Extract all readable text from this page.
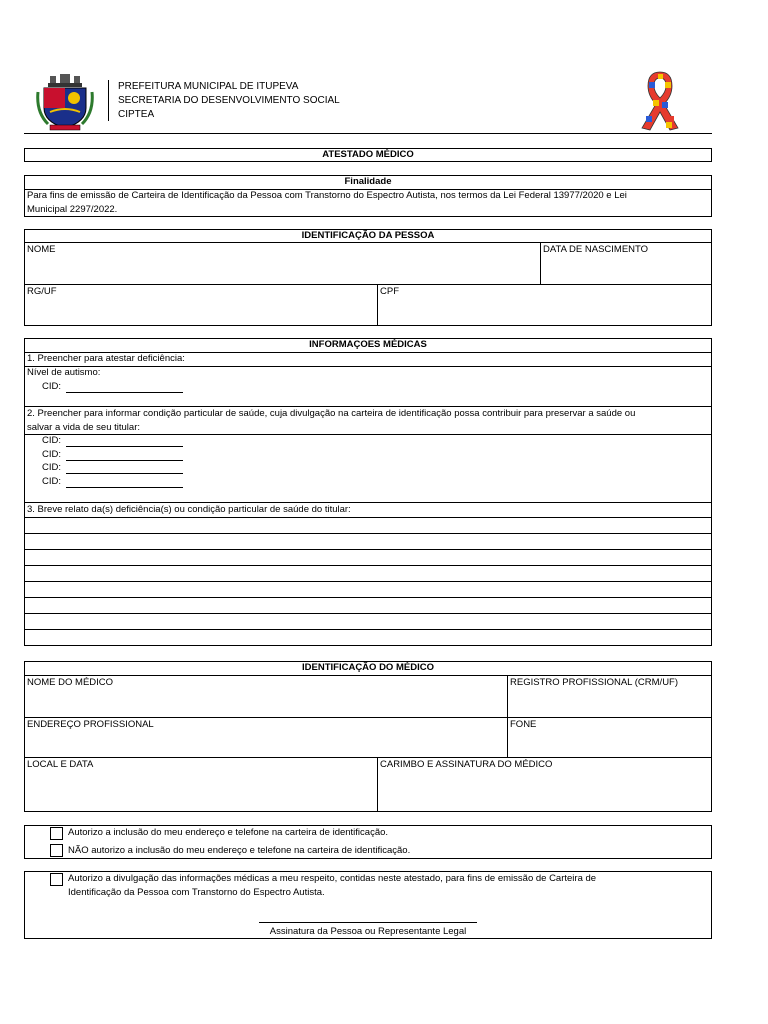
PREFEITURA MUNICIPAL DE ITUPEVA
SECRETARIA DO DESENVOLVIMENTO SOCIAL
CIPTEA
ATESTADO MÉDICO
Finalidade
Para fins de emissão de Carteira de Identificação da Pessoa com Transtorno do Espectro Autista, nos termos da Lei Federal 13977/2020 e Lei
Municipal 2297/2022.
IDENTIFICAÇÃO DA PESSOA
NOME	DATA DE NASCIMENTO
RG/UF	CPF
INFORMAÇOES MÉDICAS
1. Preencher para atestar deficiência:
Nível de autismo:
CID:
2. Preencher para informar condição particular de saúde, cuja divulgação na carteira de identificação possa contribuir para preservar a saúde ou
salvar a vida de seu titular:
CID:
CID:
CID:
CID:
3. Breve relato da(s) deficiência(s) ou condição particular de saúde do titular:
IDENTIFICAÇÃO DO MÉDICO
NOME DO MÉDICO	REGISTRO PROFISSIONAL (CRM/UF)
ENDEREÇO PROFISSIONAL	FONE
LOCAL E DATA	CARIMBO E ASSINATURA DO MÉDICO
Autorizo a inclusão do meu endereço e telefone na carteira de identificação.
NÃO autorizo a inclusão do meu endereço e telefone na carteira de identificação.
Autorizo a divulgação das informações médicas a meu respeito, contidas neste atestado, para fins de emissão de Carteira de
Identificação da Pessoa com Transtorno do Espectro Autista.
Assinatura da Pessoa ou Representante Legal
